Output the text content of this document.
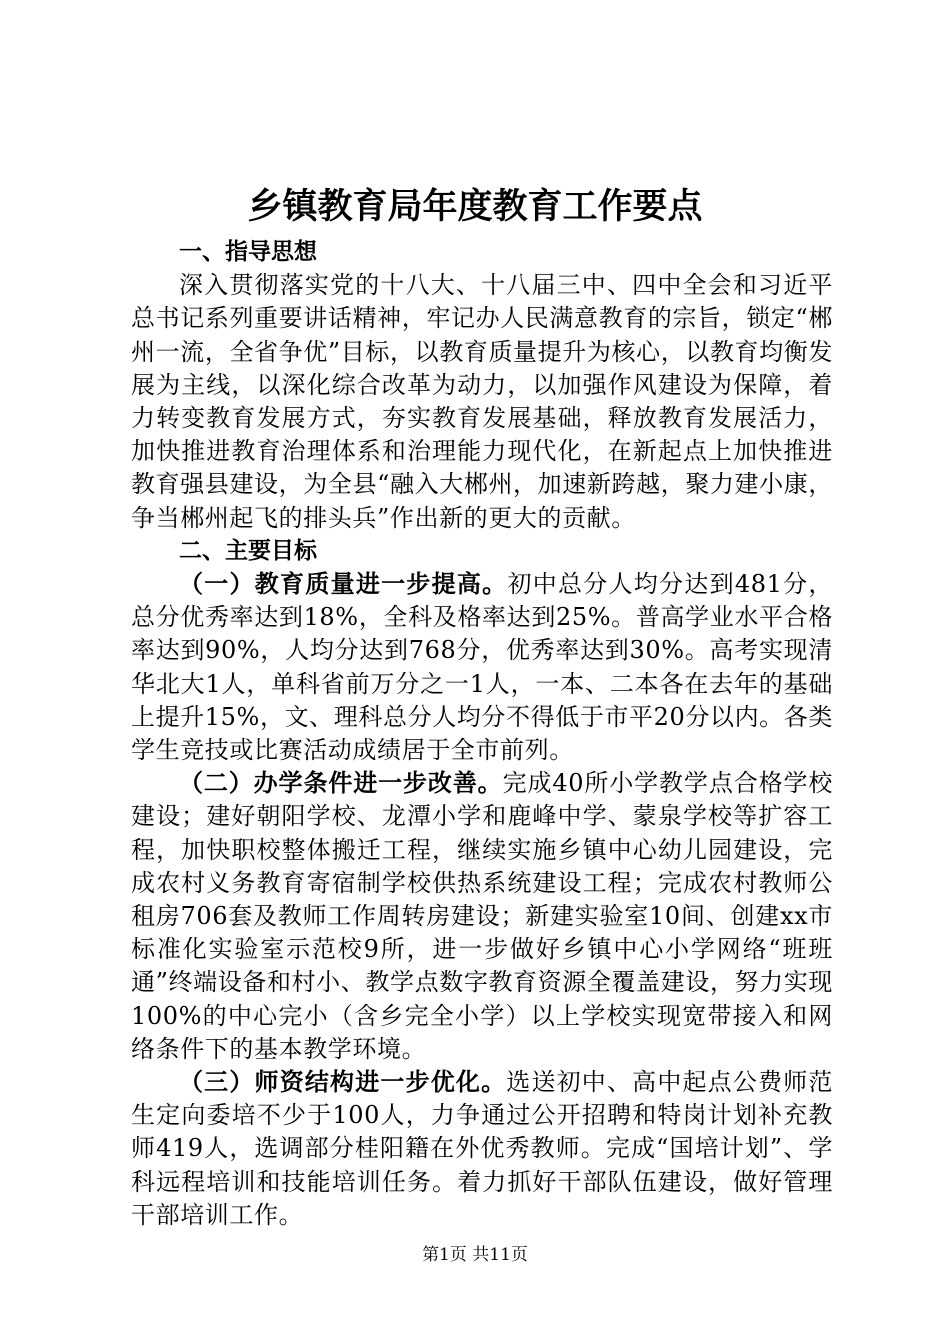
乡镇教育局年度教育工作要点
一、指导思想

深入贯彻落实党的十八大、十八届三中、四中全会和习近平总书记系列重要讲话精神，牢记办人民满意教育的宗旨，锁定“郴州一流，全省争优”目标，以教育质量提升为核心，以教育均衡发展为主线，以深化综合改革为动力，以加强作风建设为保障，着力转变教育发展方式，夯实教育发展基础，释放教育发展活力，加快推进教育治理体系和治理能力现代化，在新起点上加快推进教育强县建设，为全县“融入大郴州，加速新跨越，聚力建小康，争当郴州起飞的排头兵”作出新的更大的贡献。

二、主要目标

（一）教育质量进一步提高。初中总分人均分达到481分，总分优秀率达到18%，全科及格率达到25%。普高学业水平合格率达到90%，人均分达到768分，优秀率达到30%。高考实现清华北大1人，单科省前万分之一1人，一本、二本各在去年的基础上提升15%，文、理科总分人均分不得低于市平20分以内。各类学生竞技或比赛活动成绩居于全市前列。

（二）办学条件进一步改善。完成40所小学教学点合格学校建设；建好朝阳学校、龙潭小学和鹿峰中学、蒙泉学校等扩容工程，加快职校整体搬迁工程，继续实施乡镇中心幼儿园建设，完成农村义务教育寄宿制学校供热系统建设工程；完成农村教师公租房706套及教师工作周转房建设；新建实验室10间、创建xx市标准化实验室示范校9所，进一步做好乡镇中心小学网络“班班通”终端设备和村小、教学点数字教育资源全覆盖建设，努力实现100%的中心完小（含乡完全小学）以上学校实现宽带接入和网络条件下的基本教学环境。

（三）师资结构进一步优化。选送初中、高中起点公费师范生定向委培不少于100人，力争通过公开招聘和特岗计划补充教师419人，选调部分桂阳籍在外优秀教师。完成“国培计划”、学科远程培训和技能培训任务。着力抓好干部队伍建设，做好管理干部培训工作。

第1页 共11页
